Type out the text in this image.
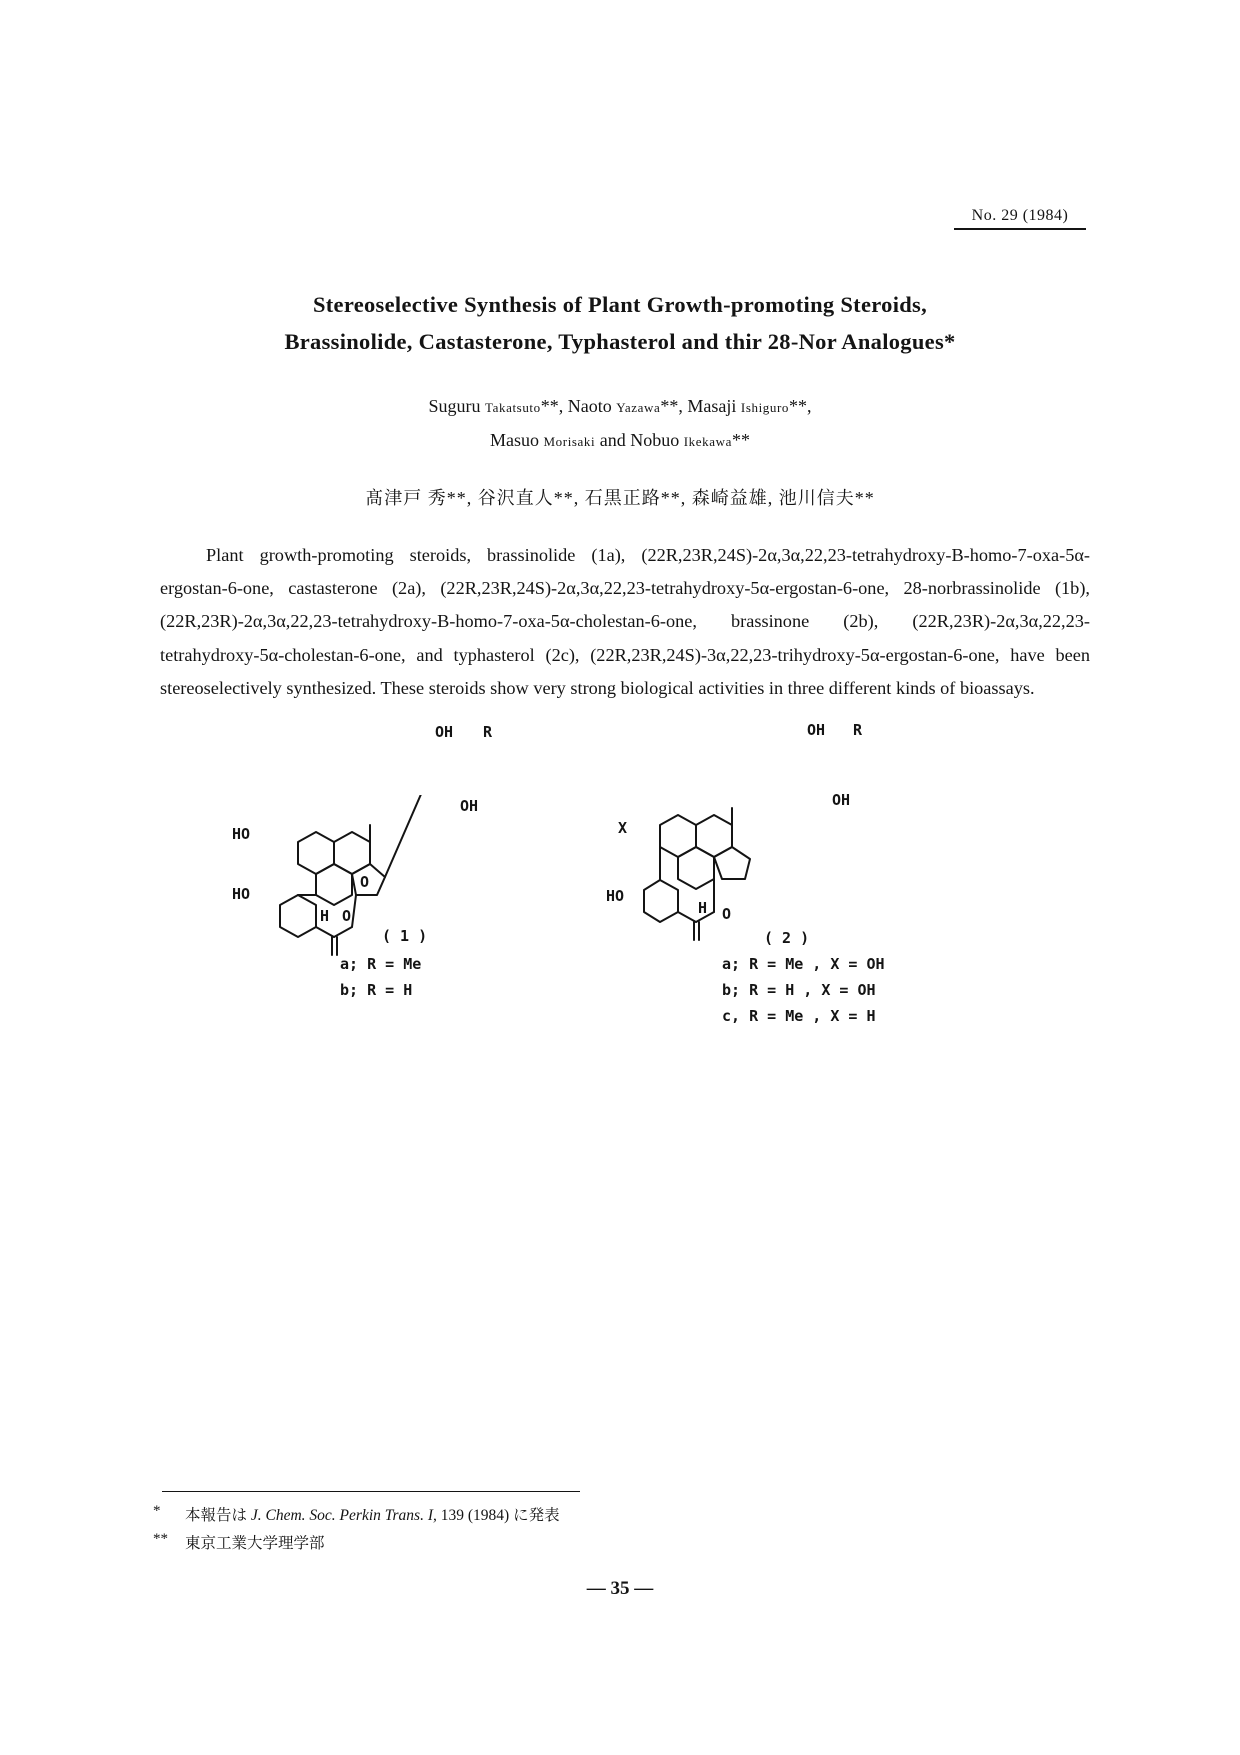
No. 29 (1984)
Stereoselective Synthesis of Plant Growth-promoting Steroids,
Brassinolide, Castasterone, Typhasterol and thir 28-Nor Analogues*
Suguru Takatsuto**, Naoto Yazawa**, Masaji Ishiguro**,
Masuo Morisaki and Nobuo Ikekawa**
髙津戸 秀**, 谷沢直人**, 石黒正路**, 森崎益雄, 池川信夫**

Plant growth-promoting steroids, brassinolide (1a), (22R,23R,24S)-2α,3α,22,23-tetrahydroxy-B-homo-7-oxa-5α-ergostan-6-one, castasterone (2a), (22R,23R,24S)-2α,3α,22,23-tetrahydroxy-5α-ergostan-6-one, 28-norbrassinolide (1b), (22R,23R)-2α,3α,22,23-tetrahydroxy-B-homo-7-oxa-5α-cholestan-6-one, brassinone (2b), (22R,23R)-2α,3α,22,23-tetrahydroxy-5α-cholestan-6-one, and typhasterol (2c), (22R,23R,24S)-3α,22,23-trihydroxy-5α-ergostan-6-one, have been stereoselectively synthesized. These steroids show very strong biological activities in three different kinds of bioassays.

OH R
OH
HO
HO
H O
O
OH R
OH
X
HO
H O
( 1 )
a; R = Me
b; R = H
( 2 )
a; R = Me , X = OH
b; R = H , X = OH
c, R = Me , X = H
*	本報告は J. Chem. Soc. Perkin Trans. I, 139 (1984) に発表
**	東京工業大学理学部
— 35 —
